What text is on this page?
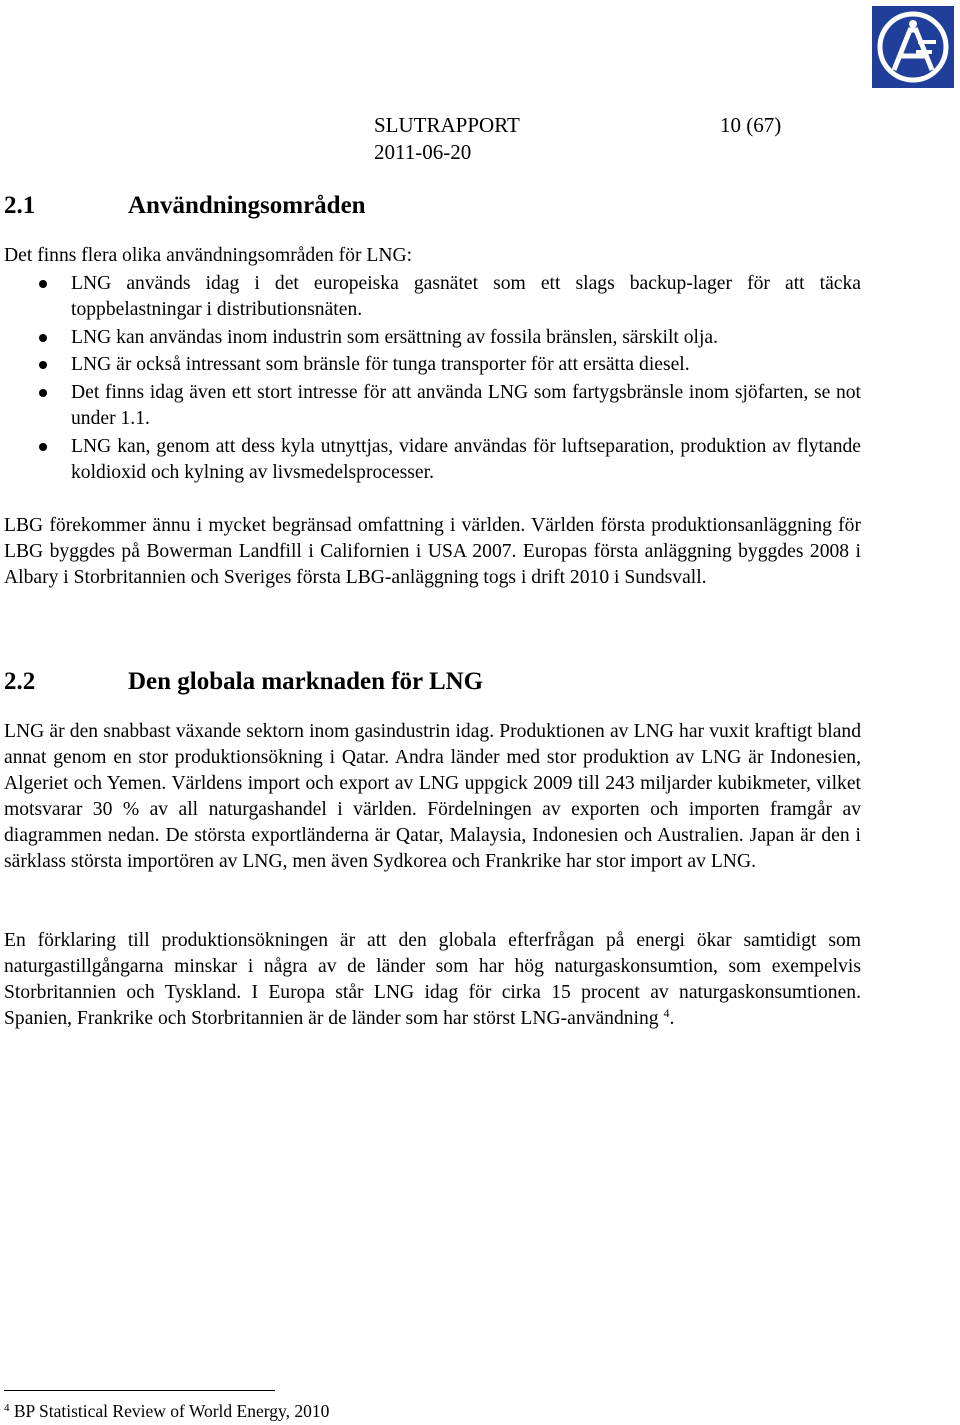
SLUTRAPPORT	10 (67)
2011-06-20
2.1	Användningsområden
Det finns flera olika användningsområden för LNG:
LNG används idag i det europeiska gasnätet som ett slags backup-lager för att täcka toppbelastningar i distributionsnäten.
LNG kan användas inom industrin som ersättning av fossila bränslen, särskilt olja.
LNG är också intressant som bränsle för tunga transporter för att ersätta diesel.
Det finns idag även ett stort intresse för att använda LNG som fartygsbränsle inom sjöfarten, se not under 1.1.
LNG kan, genom att dess kyla utnyttjas, vidare användas för luftseparation, produktion av flytande koldioxid och kylning av livsmedelsprocesser.
LBG förekommer ännu i mycket begränsad omfattning i världen. Världen första produktionsanläggning för LBG byggdes på Bowerman Landfill i Californien i USA 2007. Europas första anläggning byggdes 2008 i Albary i Storbritannien och Sveriges första LBG-anläggning togs i drift 2010 i Sundsvall.
2.2	Den globala marknaden för LNG
LNG är den snabbast växande sektorn inom gasindustrin idag. Produktionen av LNG har vuxit kraftigt bland annat genom en stor produktionsökning i Qatar. Andra länder med stor produktion av LNG är Indonesien, Algeriet och Yemen. Världens import och export av LNG uppgick 2009 till 243 miljarder kubikmeter, vilket motsvarar 30 % av all naturgashandel i världen. Fördelningen av exporten och importen framgår av diagrammen nedan. De största exportländerna är Qatar, Malaysia, Indonesien och Australien. Japan är den i särklass största importören av LNG, men även Sydkorea och Frankrike har stor import av LNG.
En förklaring till produktionsökningen är att den globala efterfrågan på energi ökar samtidigt som naturgastillgångarna minskar i några av de länder som har hög naturgaskonsumtion, som exempelvis Storbritannien och Tyskland. I Europa står LNG idag för cirka 15 procent av naturgaskonsumtionen. Spanien, Frankrike och Storbritannien är de länder som har störst LNG-användning $^4$.
$^4$ BP Statistical Review of World Energy, 2010
